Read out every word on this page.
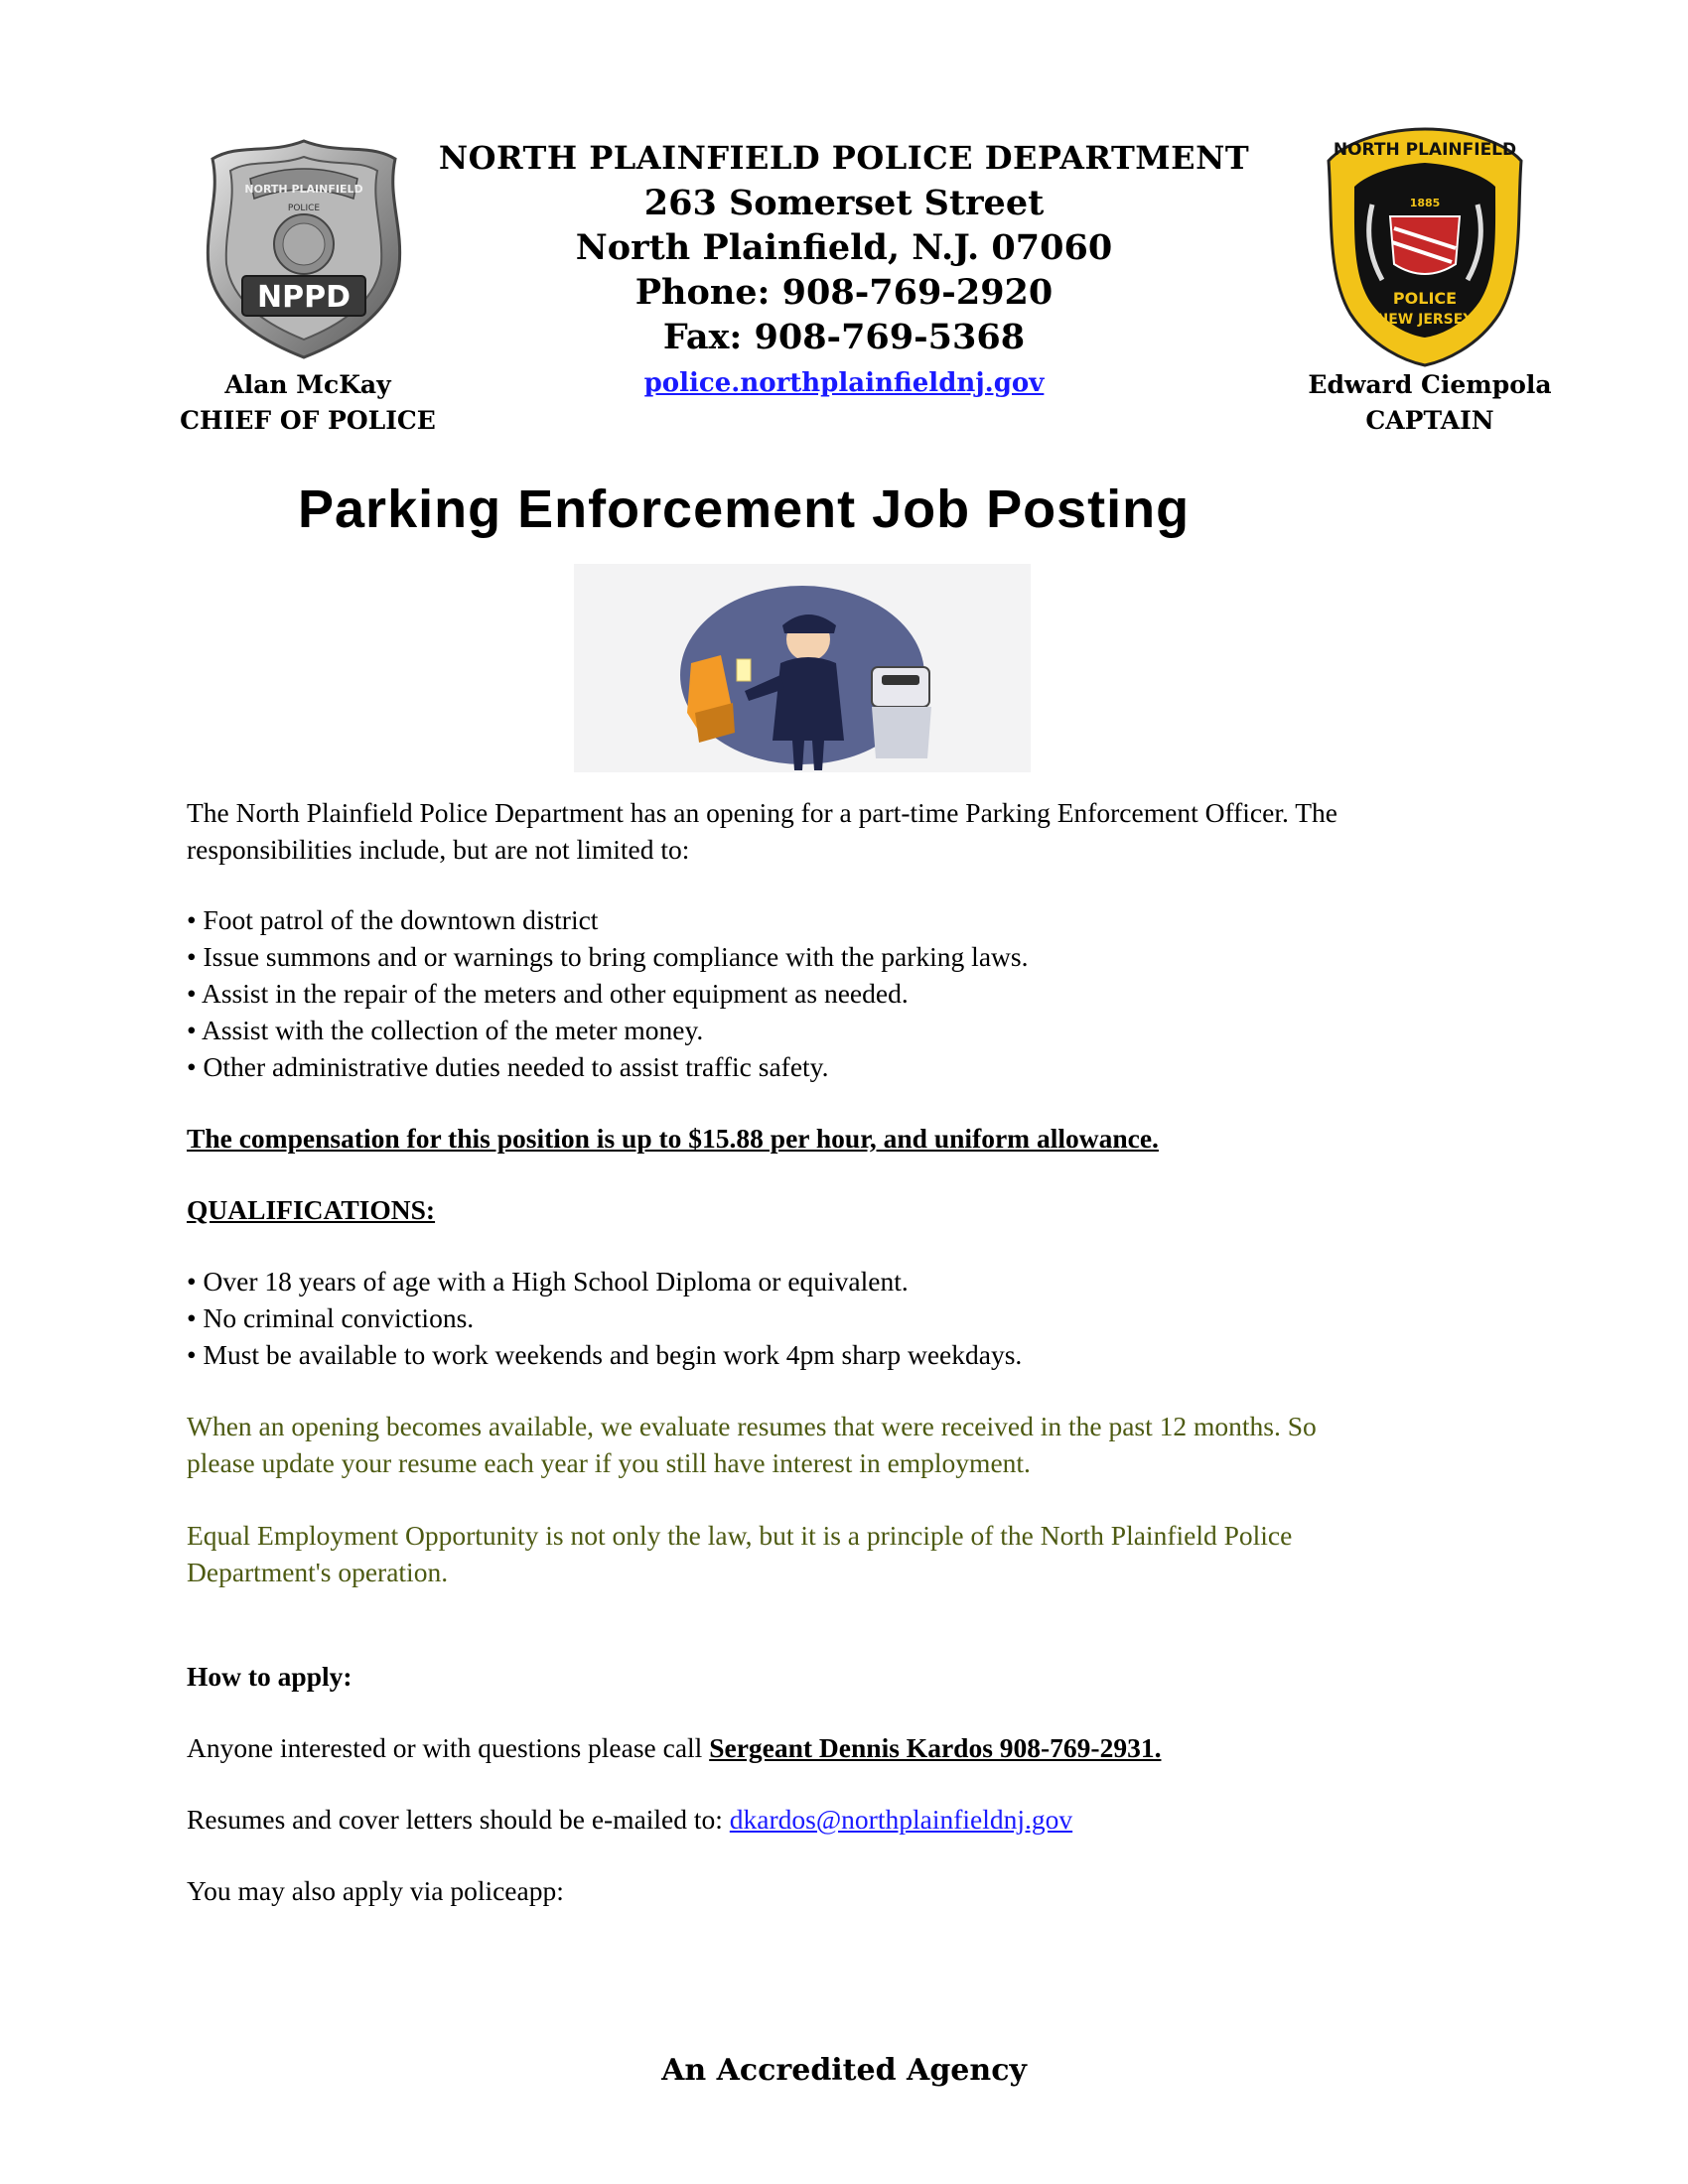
NORTH PLAINFIELD
POLICE
NPPD
NORTH PLAINFIELD
1885
POLICE
NEW JERSEY
NORTH PLAINFIELD POLICE DEPARTMENT
263 Somerset Street
North Plainfield, N.J. 07060
Phone: 908-769-2920
Fax: 908-769-5368
police.northplainfieldnj.gov
Alan McKay
CHIEF OF POLICE
Edward Ciempola
CAPTAIN
Parking Enforcement Job Posting
The North Plainfield Police Department has an opening for a part-time Parking Enforcement Officer. The
responsibilities include, but are not limited to:
• Foot patrol of the downtown district
• Issue summons and or warnings to bring compliance with the parking laws.
• Assist in the repair of the meters and other equipment as needed.
• Assist with the collection of the meter money.
• Other administrative duties needed to assist traffic safety.
The compensation for this position is up to $15.88 per hour, and uniform allowance.
QUALIFICATIONS:
• Over 18 years of age with a High School Diploma or equivalent.
• No criminal convictions.
• Must be available to work weekends and begin work 4pm sharp weekdays.
When an opening becomes available, we evaluate resumes that were received in the past 12 months. So
please update your resume each year if you still have interest in employment.
Equal Employment Opportunity is not only the law, but it is a principle of the North Plainfield Police
Department's operation.
How to apply:
Anyone interested or with questions please call Sergeant Dennis Kardos 908-769-2931.
Resumes and cover letters should be e-mailed to: dkardos@northplainfieldnj.gov
You may also apply via policeapp:
An Accredited Agency
